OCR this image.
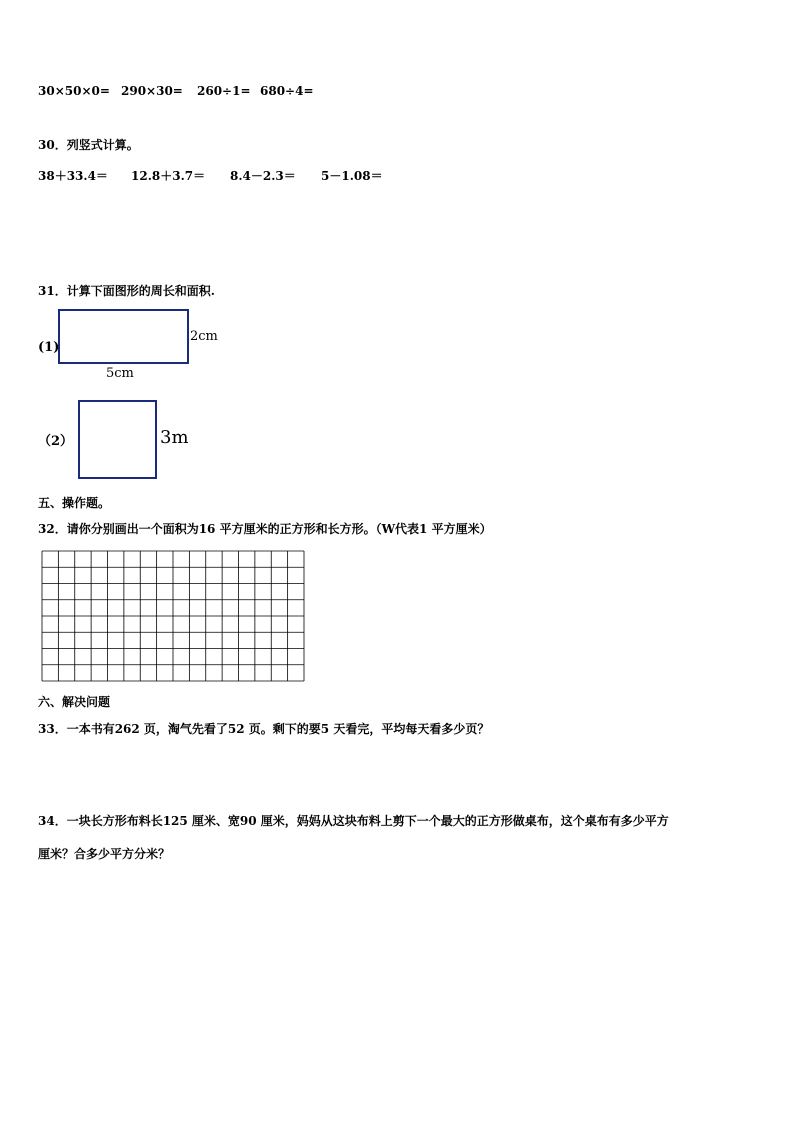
30×50×0= 290×30= 260÷1= 680÷4=
30．列竖式计算。
38＋33.4＝ 12.8＋3.7＝ 8.4－2.3＝ 5－1.08＝
31．计算下面图形的周长和面积.
(1)
2cm
5cm
（2）	3m
五、操作题。
32．请你分别画出一个面积为16 平方厘米的正方形和长方形。（W代表1 平方厘米）
六、解决问题
33．一本书有262 页，淘气先看了52 页。剩下的要5 天看完，平均每天看多少页？
34．一块长方形布料长125 厘米、宽90 厘米，妈妈从这块布料上剪下一个最大的正方形做桌布，这个桌布有多少平方
厘米？合多少平方分米？
